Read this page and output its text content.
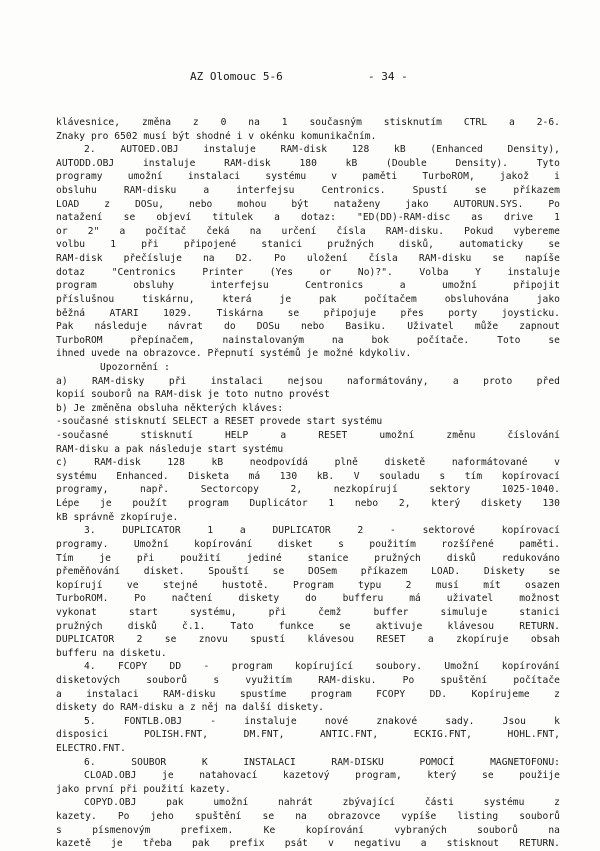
AZ Olomouc 5-6	- 34 -
klávesnice, změna z 0 na 1 současným stisknutím CTRL a 2-6.
Znaky pro 6502 musí být shodné i v okénku komunikačním.
2. AUTOED.OBJ instaluje RAM-disk 128 kB (Enhanced Density),
AUTODD.OBJ instaluje RAM-disk 180 kB (Double Density). Tyto
programy umožní instalaci systému v paměti TurboROM, jakož i
obsluhu RAM-disku a interfejsu Centronics. Spustí se příkazem
LOAD z DOSu, nebo mohou být nataženy jako AUTORUN.SYS. Po
natažení se objeví titulek a dotaz: "ED(DD)-RAM-disc as drive 1
or 2" a počítač čeká na určení čísla RAM-disku. Pokud vybereme
volbu 1 při připojené stanici pružných disků, automaticky se
RAM-disk přečísluje na D2. Po uložení čísla RAM-disku se napíše
dotaz "Centronics Printer (Yes or No)?". Volba Y instaluje
program obsluhy interfejsu Centronics a umožní připojit
příslušnou tiskárnu, která je pak počítačem obsluhována jako
běžná ATARI 1029. Tiskárna se připojuje přes porty joysticku.
Pak následuje návrat do DOSu nebo Basiku. Uživatel může zapnout
TurboROM přepínačem, nainstalovaným na bok počítače. Toto se
ihned uvede na obrazovce. Přepnutí systémů je možné kdykoliv.
Upozornění :
a) RAM-disky při instalaci nejsou naformátovány, a proto před
kopií souborů na RAM-disk je toto nutno provést
b) Je změněna obsluha některých kláves:
-současné stisknutí SELECT a RESET provede start systému
-současné stisknutí HELP a RESET umožní změnu číslování
RAM-disku a pak následuje start systému
c) RAM-disk 128 kB neodpovídá plně disketě naformátované v
systému Enhanced. Disketa má 130 kB. V souladu s tím kopírovací
programy, např. Sectorcopy 2, nezkopírují sektory 1025-1040.
Lépe je použít program Duplicátor 1 nebo 2, který diskety 130
kB správně zkopíruje.
3. DUPLICATOR 1 a DUPLICATOR 2 - sektorové kopírovací
programy. Umožní kopírování disket s použitím rozšířené paměti.
Tím je při použití jediné stanice pružných disků redukováno
přeměňování disket. Spouští se DOSem příkazem LOAD. Diskety se
kopírují ve stejné hustotě. Program typu 2 musí mít osazen
TurboROM. Po načtení diskety do bufferu má uživatel možnost
vykonat start systému, při čemž buffer simuluje stanici
pružných disků č.1. Tato funkce se aktivuje klávesou RETURN.
DUPLICATOR 2 se znovu spustí klávesou RESET a zkopíruje obsah
bufferu na disketu.
4. FCOPY DD - program kopírující soubory. Umožní kopírování
disketových souborů s využitím RAM-disku. Po spuštění počítače
a instalaci RAM-disku spustíme program FCOPY DD. Kopírujeme z
diskety do RAM-disku a z něj na další diskety.
5. FONTLB.OBJ - instaluje nové znakové sady. Jsou k
disposici POLISH.FNT, DM.FNT, ANTIC.FNT, ECKIG.FNT, HOHL.FNT,
ELECTRO.FNT.
6. SOUBOR K INSTALACI RAM-DISKU POMOCÍ MAGNETOFONU:
CLOAD.OBJ je natahovací kazetový program, který se použije
jako první při použití kazety.
COPYD.OBJ pak umožní nahrát zbývající části systému z
kazety. Po jeho spuštění se na obrazovce vypíše listing souborů
s písmenovým prefixem. Ke kopírování vybraných souborů na
kazetě je třeba pak prefix psát v negativu a stisknout RETURN.
